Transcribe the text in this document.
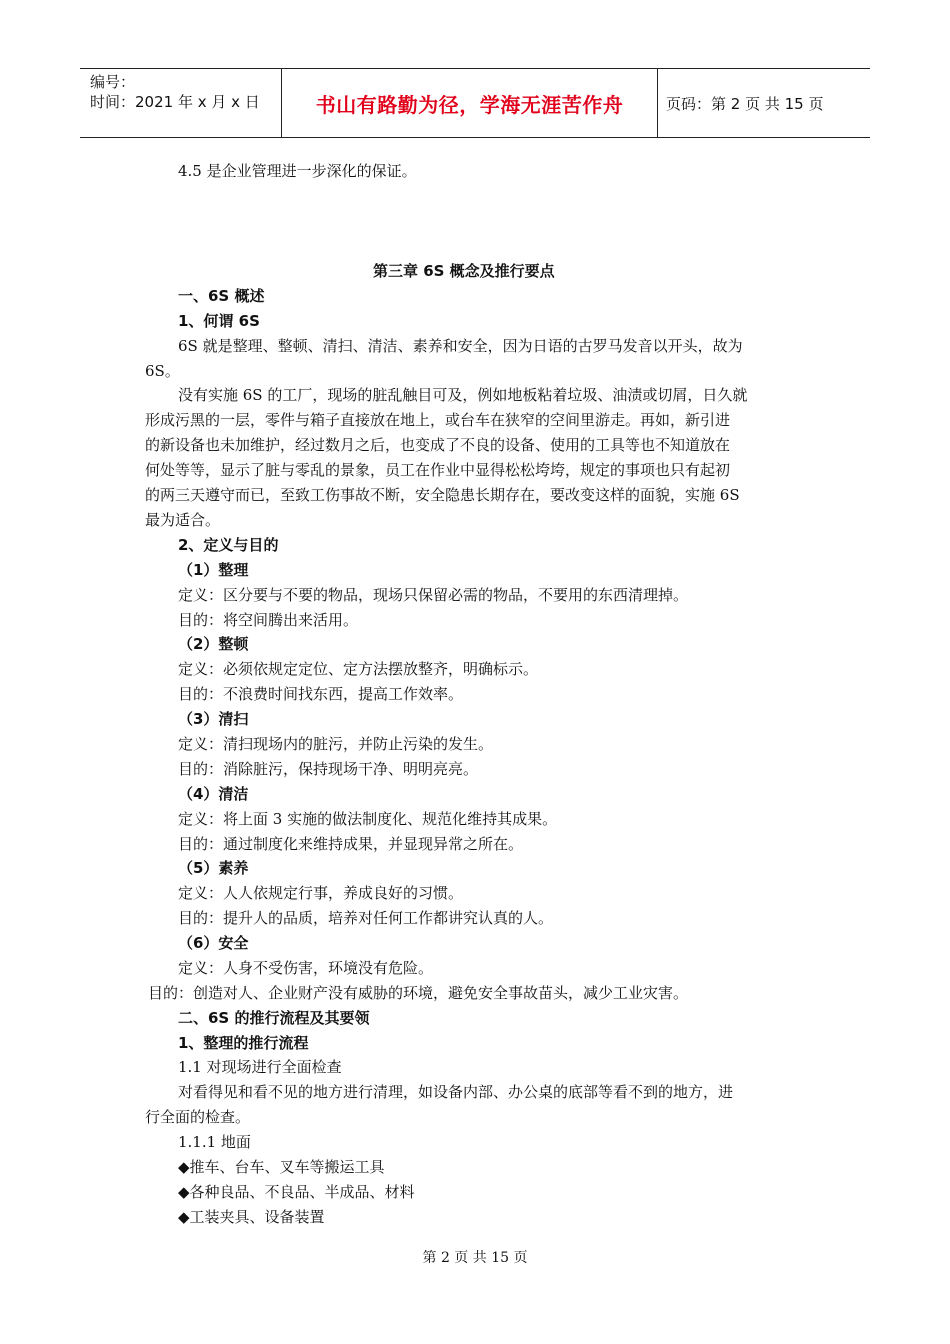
编号：
时间：2021 年 x 月 x 日	书山有路勤为径，学海无涯苦作舟	页码：第 2 页 共 15 页
4.5 是企业管理进一步深化的保证。
第三章 6S 概念及推行要点
一、6S 概述
1、何谓 6S
6S 就是整理、整顿、清扫、清洁、素养和安全，因为日语的古罗马发音以开头，故为
6S。
没有实施 6S 的工厂，现场的脏乱触目可及，例如地板粘着垃圾、油渍或切屑，日久就
形成污黑的一层，零件与箱子直接放在地上，或台车在狭窄的空间里游走。再如，新引进
的新设备也未加维护，经过数月之后，也变成了不良的设备、使用的工具等也不知道放在
何处等等，显示了脏与零乱的景象，员工在作业中显得松松垮垮，规定的事项也只有起初
的两三天遵守而已，至致工伤事故不断，安全隐患长期存在，要改变这样的面貌，实施 6S
最为适合。
2、定义与目的
（1）整理
定义：区分要与不要的物品，现场只保留必需的物品，不要用的东西清理掉。
目的：将空间腾出来活用。
（2）整顿
定义：必须依规定定位、定方法摆放整齐，明确标示。
目的：不浪费时间找东西，提高工作效率。
（3）清扫
定义：清扫现场内的脏污，并防止污染的发生。
目的：消除脏污，保持现场干净、明明亮亮。
（4）清洁
定义：将上面 3 实施的做法制度化、规范化维持其成果。
目的：通过制度化来维持成果，并显现异常之所在。
（5）素养
定义：人人依规定行事，养成良好的习惯。
目的：提升人的品质，培养对任何工作都讲究认真的人。
（6）安全
定义：人身不受伤害，环境没有危险。
目的：创造对人、企业财产没有威胁的环境，避免安全事故苗头，减少工业灾害。
二、6S 的推行流程及其要领
1、整理的推行流程
1.1 对现场进行全面检查
对看得见和看不见的地方进行清理，如设备内部、办公桌的底部等看不到的地方，进
行全面的检查。
1.1.1 地面
◆推车、台车、叉车等搬运工具
◆各种良品、不良品、半成品、材料
◆工装夹具、设备装置
第 2 页 共 15 页
